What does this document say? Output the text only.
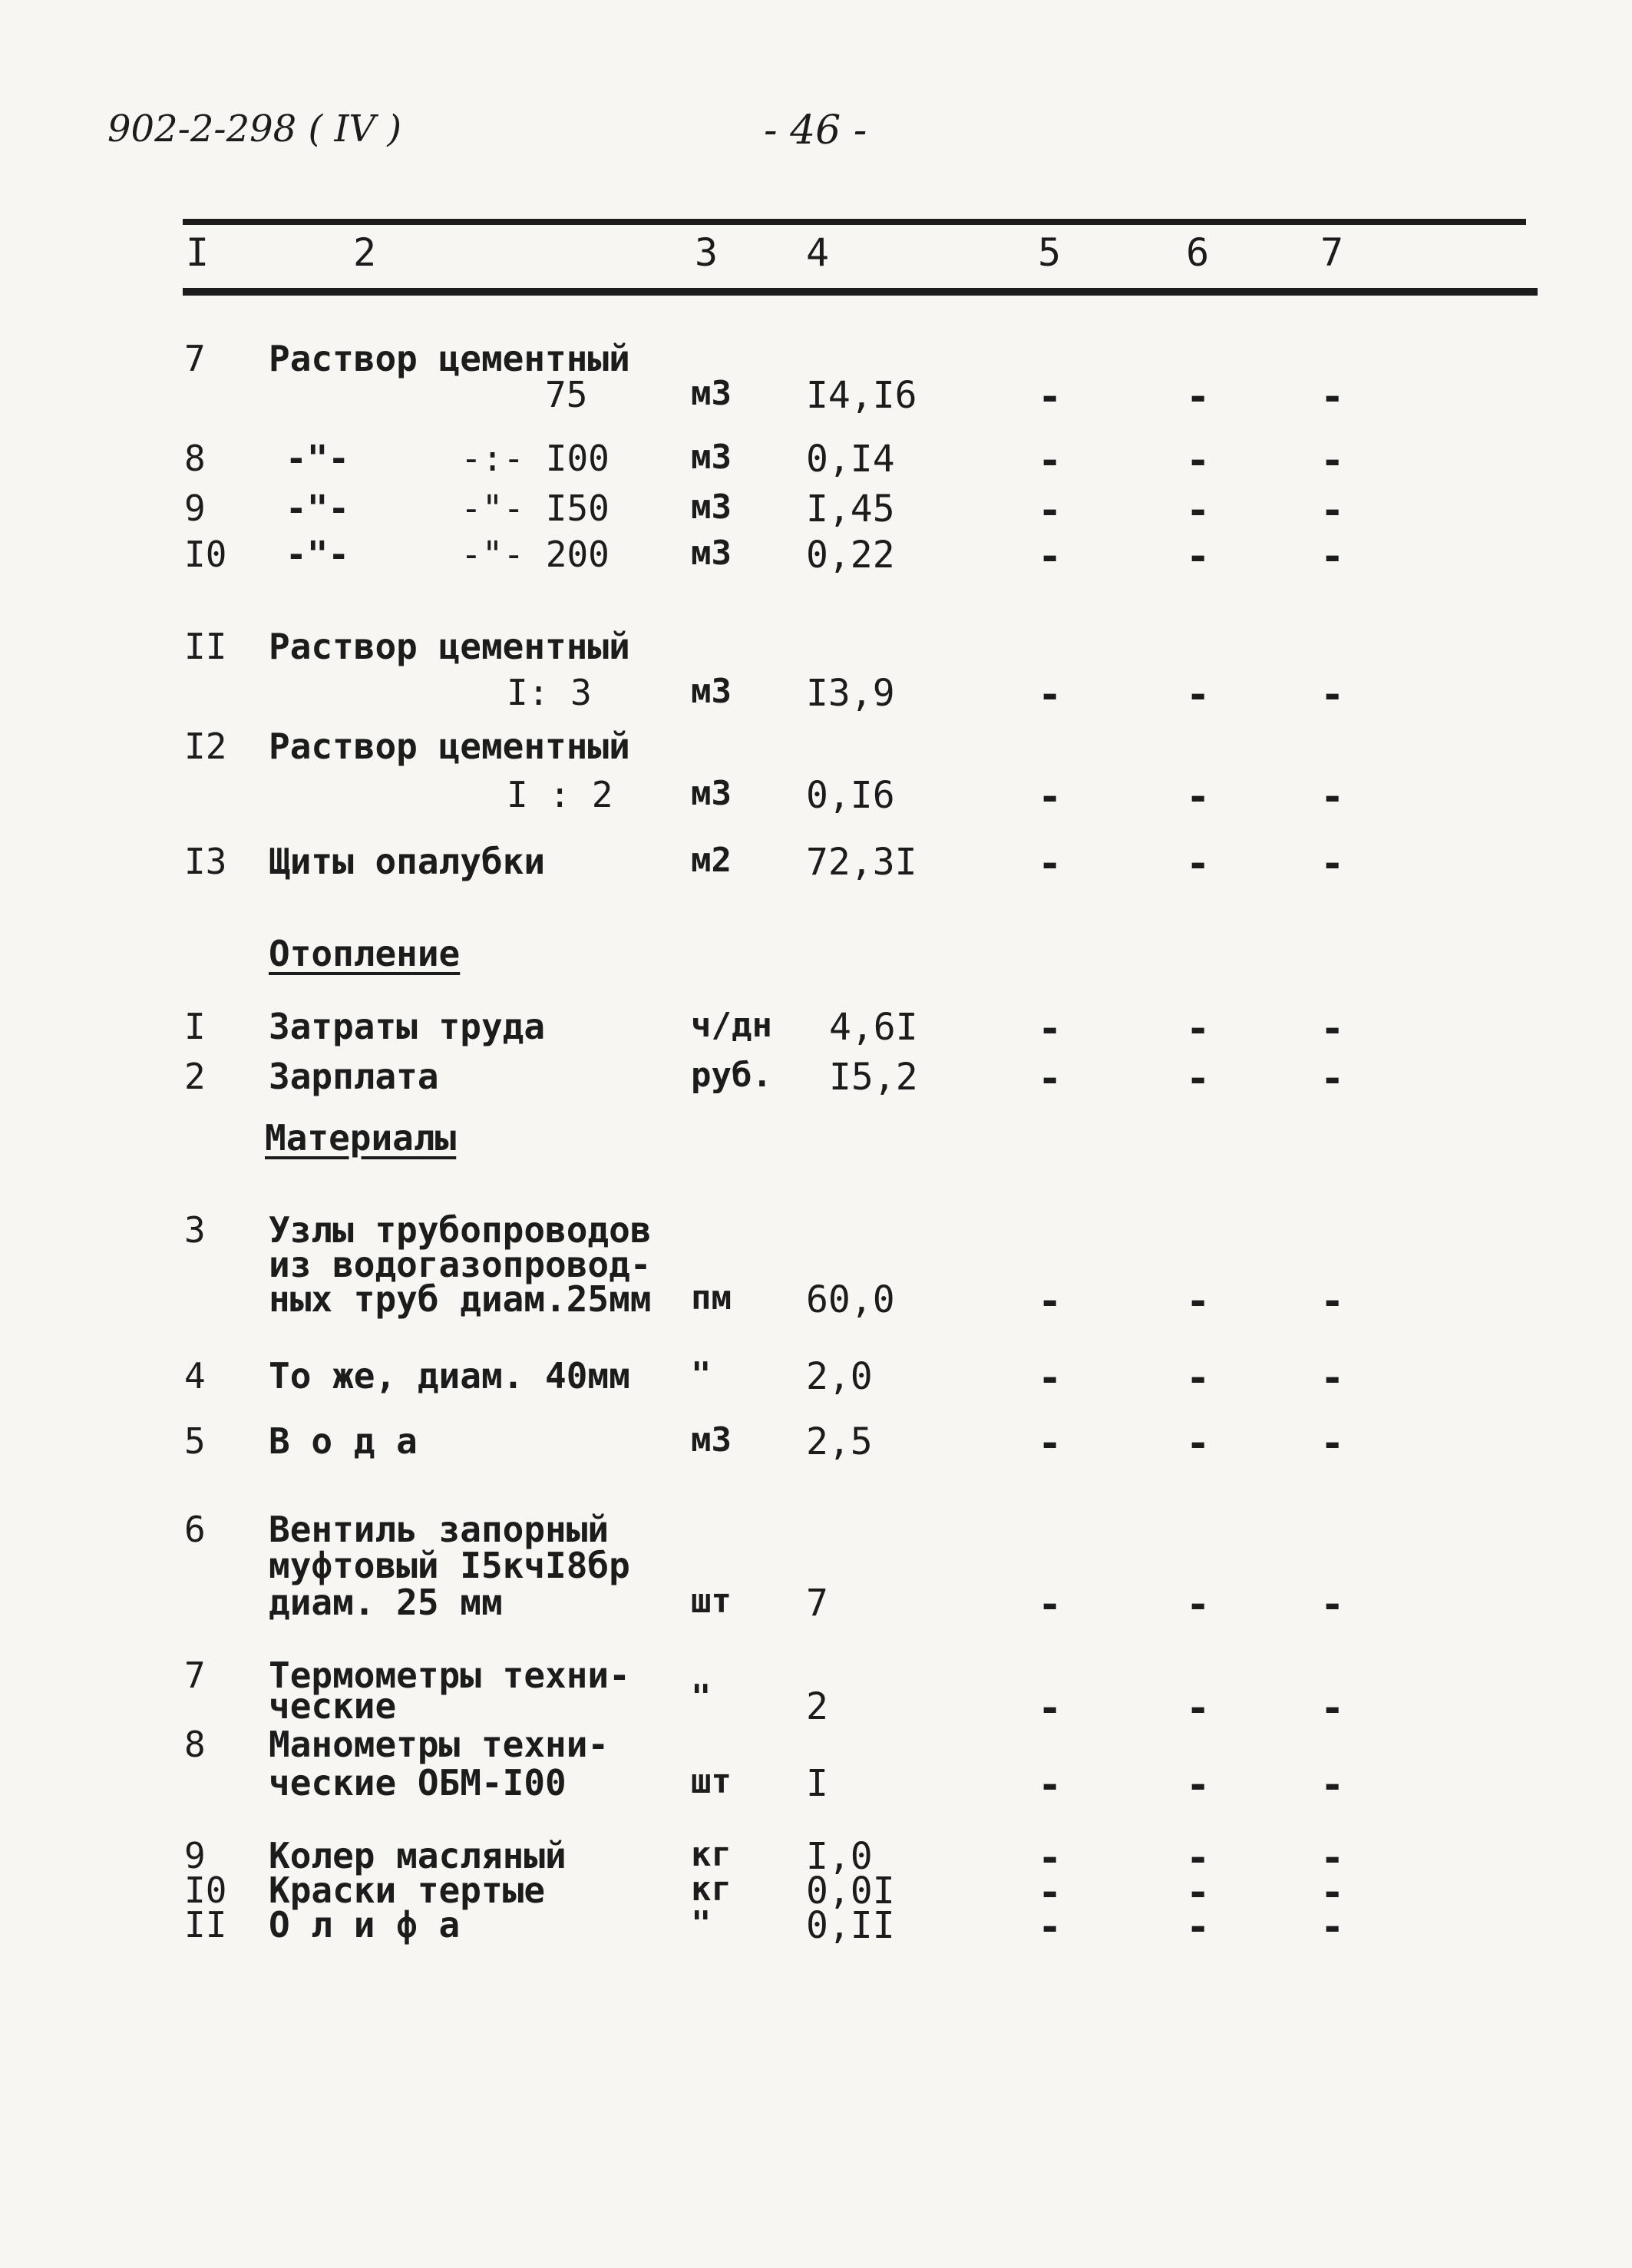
902-2-298 ( IV )	- 46 -
I	2	3 4	5	6	7
7 Раствор цементный
75	м3 I4,I6	-	-	-
8 -"-	-:- I00 м3 0,I4	-	-	-
9 -"-	-"- I50 м3 I,45	-	-	-
I0 -"-	-"- 200 м3 0,22	-	-	-
II Раствор цементный
I: 3	м3 I3,9	-	-	-
I2 Раствор цементный
I : 2 м3 0,I6	-	-	-
I3 Щиты опалубки	м2 72,3I	-	-	-
Отопление
I Затраты труда	ч/дн 4,6I	-	-	-
2 Зарплата	руб. I5,2	-	-	-
Материалы
3 Узлы трубопроводов
из водогазопровод-
ных труб диам.25мм пм 60,0	-	-	-
4 То же, диам. 40мм "	2,0	-	-	-
5 В о д а	м3 2,5	-	-	-
6 Вентиль запорный
муфтовый I5кчI8бр
диам. 25 мм	шт 7	-	-	-
7 Термометры техни-
ческие	"	2	-	-	-
8 Манометры техни-
ческие ОБМ-I00	шт I	-	-	-
9 Колер масляный	кг I,0	-	-	-
I0 Краски тертые	кг 0,0I	-	-	-
II О л и ф а	"	0,II	-	-	-
